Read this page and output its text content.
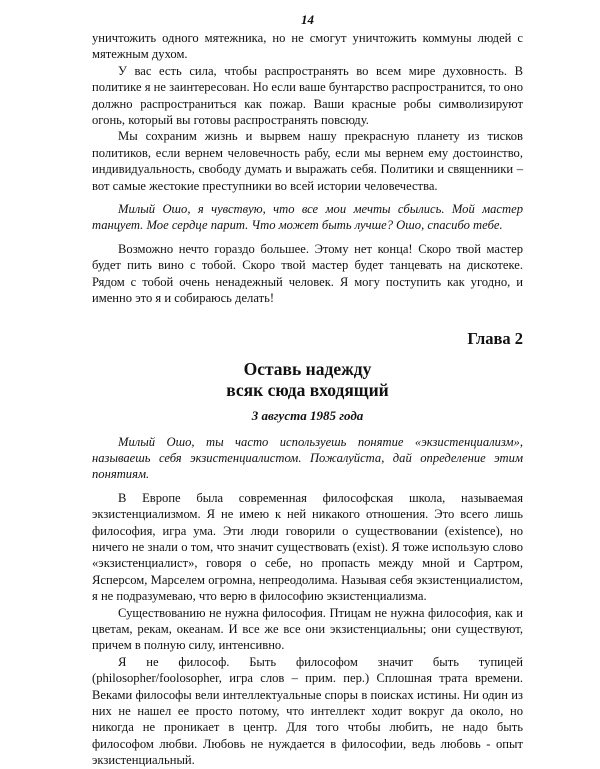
14

уничтожить одного мятежника, но не смогут уничтожить коммуны людей с мятежным духом.

У вас есть сила, чтобы распространять во всем мире духовность. В политике я не заинтересован. Но если ваше бунтарство распространится, то оно должно распространиться как пожар. Ваши красные робы символизируют огонь, который вы готовы распространять повсюду.

Мы сохраним жизнь и вырвем нашу прекрасную планету из тисков политиков, если вернем человечность рабу, если мы вернем ему достоинство, индивидуальность, свободу думать и выражать себя. Политики и священники – вот самые жестокие преступники во всей истории человечества.

Милый Ошо, я чувствую, что все мои мечты сбылись. Мой мастер танцует. Мое сердце парит. Что может быть лучше? Ошо, спасибо тебе.

Возможно нечто гораздо большее. Этому нет конца! Скоро твой мастер будет пить вино с тобой. Скоро твой мастер будет танцевать на дискотеке. Рядом с тобой очень ненадежный человек. Я могу поступить как угодно, и именно это я и собираюсь делать!

Глава 2
Оставь надежду
всяк сюда входящий
3 августа 1985 года

Милый Ошо, ты часто используешь понятие «экзистенциализм», называешь себя экзистенциалистом. Пожалуйста, дай определение этим понятиям.

В Европе была современная философская школа, называемая экзистенциализмом. Я не имею к ней никакого отношения. Это всего лишь философия, игра ума. Эти люди говорили о существовании (existence), но ничего не знали о том, что значит существовать (exist). Я тоже использую слово «экзистенциалист», говоря о себе, но пропасть между мной и Сартром, Ясперсом, Марселем огромна, непреодолима. Называя себя экзистенциалистом, я не подразумеваю, что верю в философию экзистенциализма.

Существованию не нужна философия. Птицам не нужна философия, как и цветам, рекам, океанам. И все же все они экзистенциальны; они существуют, причем в полную силу, интенсивно.

Я не философ. Быть философом значит быть тупицей (philosopher/foolosopher, игра слов – прим. пер.) Сплошная трата времени. Веками философы вели интеллектуальные споры в поисках истины. Ни один из них не нашел ее просто потому, что интеллект ходит вокруг да около, но никогда не проникает в центр. Для того чтобы любить, не надо быть философом любви. Любовь не нуждается в философии, ведь любовь - опыт экзистенциальный.
